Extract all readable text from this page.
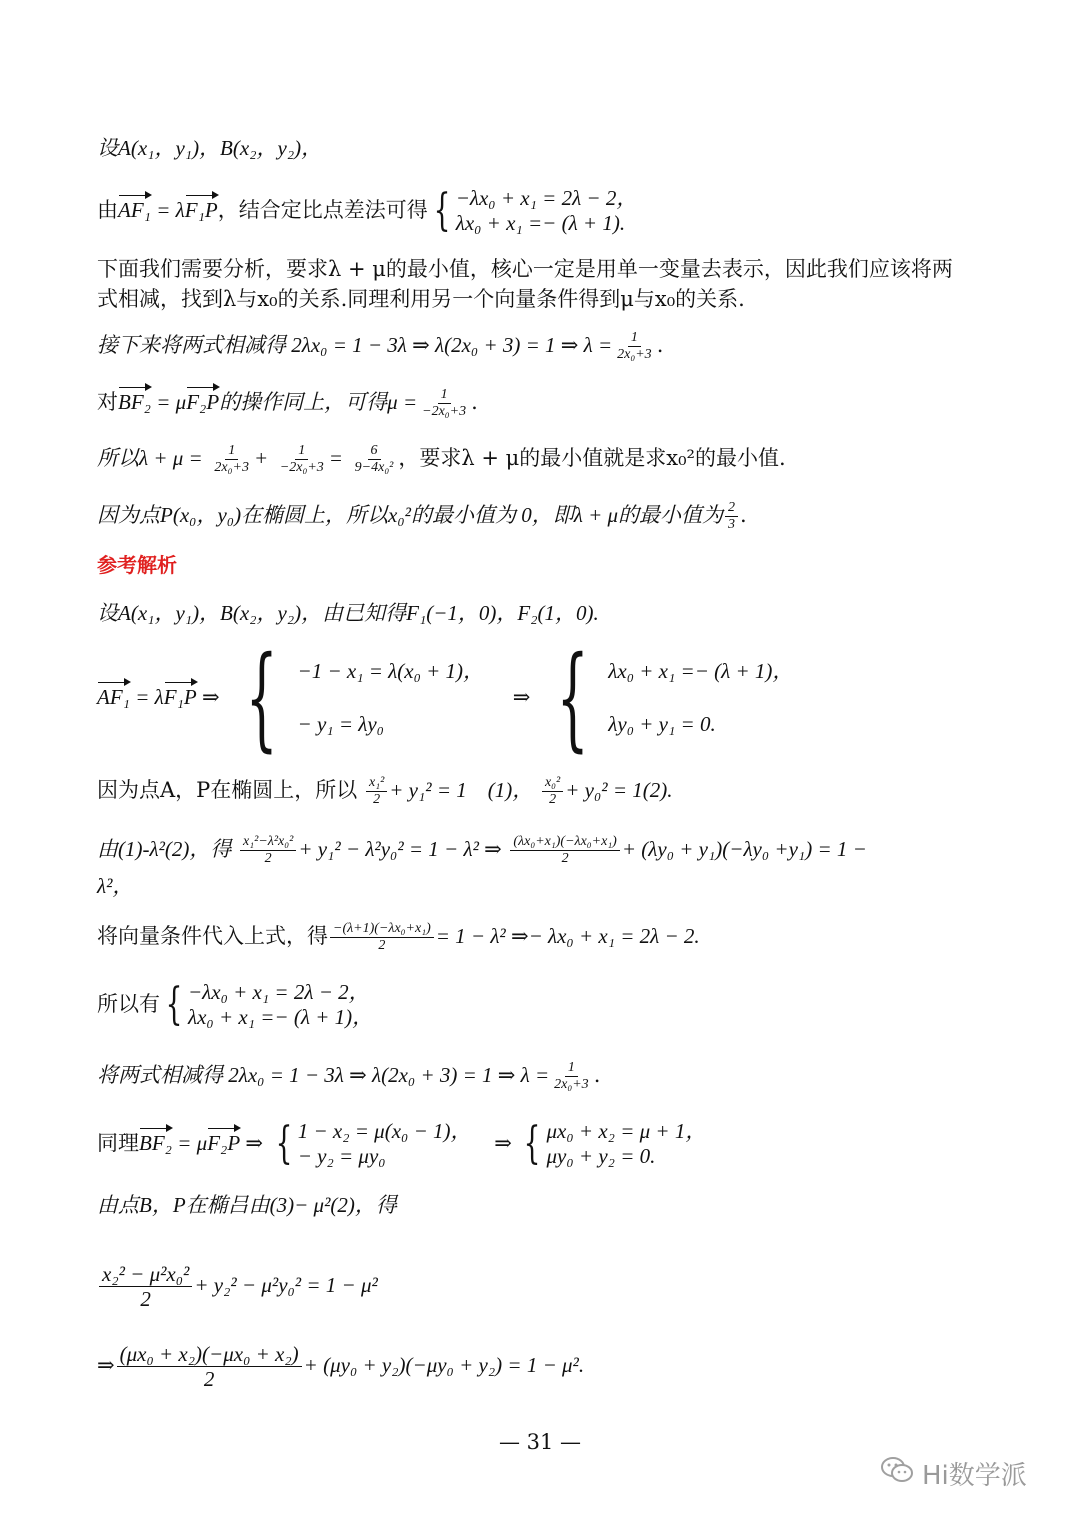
设A(x₁，y₁)，B(x₂，y₂)，
由AF₁ = λF₁P，结合定比点差法可得 { −λx₀ + x₁ = 2λ − 2，
λx₀ + x₁ =− (λ + 1).
下面我们需要分析，要求λ + μ的最小值，核心一定是用单一变量去表示，因此我们应该将两
式相减，找到λ与x₀的关系.同理利用另一个向量条件得到μ与x₀的关系.
接下来将两式相减得 2λx₀ = 1 − 3λ ⇒ λ(2x₀ + 3) = 1 ⇒ $\lambda = \frac{1}{\text{2x₀+3}}$ .
对BF₂ = μF₂P的操作同上，可得$\mu = \frac{1}{\text{−2x₀+3}}$ .
所以$\lambda + \mu = \frac{1}{\text{2x₀+3}} + \frac{1}{\text{−2x₀+3}} = \frac{6}{\text{9−4x₀²}}$ ，要求λ + μ的最小值就是求x₀²的最小值.
因为点P(x₀，y₀)在椭圆上，所以x₀²的最小值为 0，即λ + μ的最小值为 $\frac{2}{3}$ .
参考解析
设A(x₁，y₁)，B(x₂，y₂)，由已知得F₁(−1，0)，F₂(1，0).
AF₁ = λF₁P ⇒ { −1 − x₁ = λ(x₀ + 1)，
− y₁ = λy₀
⇒ { λx₀ + x₁ =− (λ + 1)，
λy₀ + y₁ = 0.
因为点A，P在椭圆上，所以 $\frac{\text{x₁²}}{2} + y_1^2 = 1$　(1)， $\frac{\text{x₀²}}{2} + y_0^2 = 1(2)$.
由(1)-λ²(2)，得 $\frac{\text{x₁²−λ²x₀²}}{2} + y_1^2 - \lambda^2y_0^2 = 1 - \lambda^2$ ⇒ $\frac{\text{(λx₀+x₁)(−λx₀+x₁)}}{2} + (\lambda y_0 + y_1)(-\lambda y_0 +y_1) = 1$ −
λ²，
将向量条件代入上式，得 $\frac{\text{−(λ+1)(−λx₀+x₁)}}{2} = 1 - \lambda^2$ ⇒− λx₀ + x₁ = 2λ − 2.
所以有 { −λx₀ + x₁ = 2λ − 2，
λx₀ + x₁ =− (λ + 1)，
将两式相减得 2λx₀ = 1 − 3λ ⇒ λ(2x₀ + 3) = 1 ⇒ $\lambda = \frac{1}{\text{2x₀+3}}$ .
同理BF₂ = μF₂P ⇒ { 1 − x₂ = μ(x₀ − 1)，
− y₂ = μy₀
⇒ { μx₀ + x₂ = μ + 1，
μy₀ + y₂ = 0.
由点B，P在椭吕由(3)− μ²(2)，得
$\frac{\text{x₂² − μ²x₀²}}{2} + y_2^2 - \mu^2y_0^2 = 1 - \mu^2$
⇒ $\frac{\text{(μx₀ + x₂)(−μx₀ + x₂)}}{2} + (\mu y_0 + y_2)(-\mu y_0 + y_2) = 1 - \mu^2$.
— 31 —
Hi数学派
